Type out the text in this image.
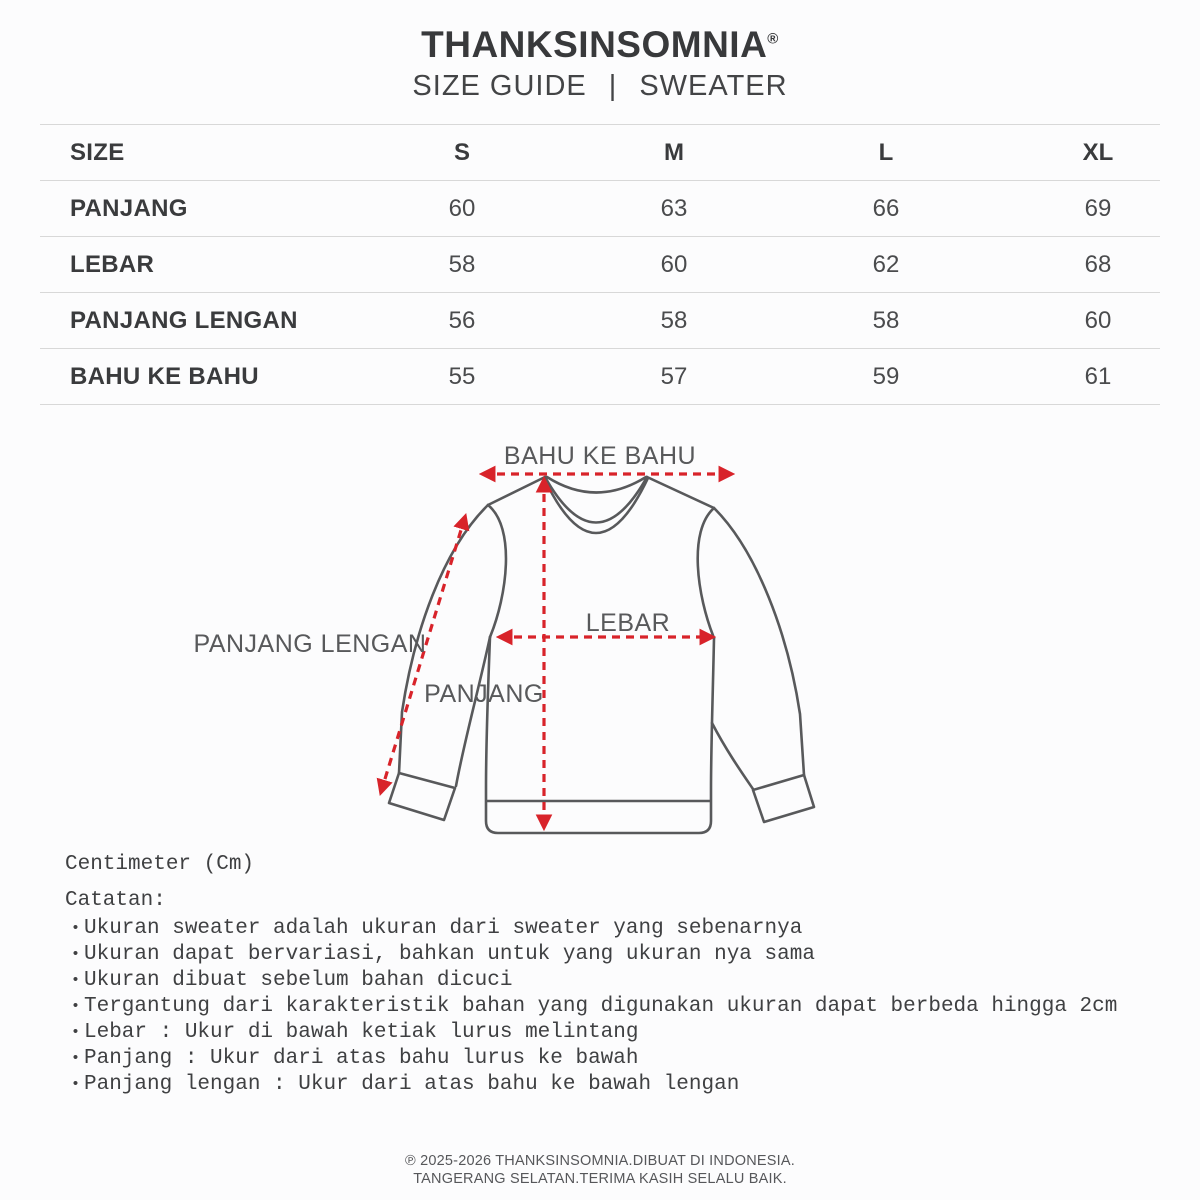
THANKSINSOMNIA®
SIZE GUIDE | SWEATER
SIZE	S	M	L	XL
PANJANG	60	63	66	69
LEBAR	58	60	62	68
PANJANG LENGAN	56	58	58	60
BAHU KE BAHU	55	57	59	61
BAHU KE BAHU
PANJANG LENGAN
LEBAR
PANJANG
Centimeter (Cm)
Catatan:
• Ukuran sweater adalah ukuran dari sweater yang sebenarnya
• Ukuran dapat bervariasi, bahkan untuk yang ukuran nya sama
• Ukuran dibuat sebelum bahan dicuci
• Tergantung dari karakteristik bahan yang digunakan ukuran dapat berbeda hingga 2cm
• Lebar : Ukur di bawah ketiak lurus melintang
• Panjang : Ukur dari atas bahu lurus ke bawah
• Panjang lengan : Ukur dari atas bahu ke bawah lengan
℗ 2025-2026 THANKSINSOMNIA.DIBUAT DI INDONESIA.
TANGERANG SELATAN.TERIMA KASIH SELALU BAIK.
